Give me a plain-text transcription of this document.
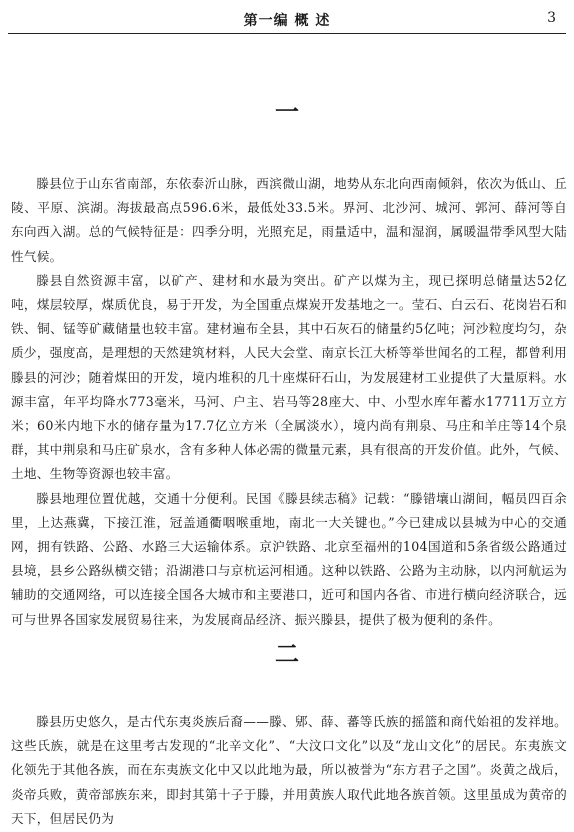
第一编 概 述	3
一

滕县位于山东省南部，东依泰沂山脉，西滨微山湖，地势从东北向西南倾斜，依次为低山、丘陵、平原、滨湖。海拔最高点596.6米，最低处33.5米。界河、北沙河、城河、郭河、薛河等自东向西入湖。总的气候特征是：四季分明，光照充足，雨量适中，温和湿润，属暖温带季风型大陆性气候。

滕县自然资源丰富，以矿产、建材和水最为突出。矿产以煤为主，现已探明总储量达52亿吨，煤层较厚，煤质优良，易于开发，为全国重点煤炭开发基地之一。莹石、白云石、花岗岩石和铁、铜、锰等矿藏储量也较丰富。建材遍布全县，其中石灰石的储量约5亿吨；河沙粒度均匀，杂质少，强度高，是理想的天然建筑材料，人民大会堂、南京长江大桥等举世闻名的工程，都曾利用滕县的河沙；随着煤田的开发，境内堆积的几十座煤矸石山，为发展建材工业提供了大量原料。水源丰富，年平均降水773毫米，马河、户主、岩马等28座大、中、小型水库年蓄水17711万立方米；60米内地下水的储存量为17.7亿立方米（全属淡水），境内尚有荆泉、马庄和羊庄等14个泉群，其中荆泉和马庄矿泉水，含有多种人体必需的微量元素，具有很高的开发价值。此外，气候、土地、生物等资源也较丰富。

滕县地理位置优越，交通十分便利。民国《滕县续志稿》记载：“滕错壤山湖间，幅员四百余里，上达燕冀，下接江淮，冠盖通衢咽喉重地，南北一大关键也。”今已建成以县城为中心的交通网，拥有铁路、公路、水路三大运输体系。京沪铁路、北京至福州的104国道和5条省级公路通过县境，县乡公路纵横交错；沿湖港口与京杭运河相通。这种以铁路、公路为主动脉，以内河航运为辅助的交通网络，可以连接全国各大城市和主要港口，近可和国内各省、市进行横向经济联合，远可与世界各国家发展贸易往来，为发展商品经济、振兴滕县，提供了极为便利的条件。

二

滕县历史悠久，是古代东夷炎族后裔——滕、郳、薛、蕃等氏族的摇篮和商代始祖的发祥地。这些氏族，就是在这里考古发现的“北辛文化”、“大汶口文化”以及“龙山文化”的居民。东夷族文化领先于其他各族，而在东夷族文化中又以此地为最，所以被誉为“东方君子之国”。炎黄之战后，炎帝兵败，黄帝部族东来，即封其第十子于滕，并用黄族人取代此地各族首领。这里虽成为黄帝的天下，但居民仍为
